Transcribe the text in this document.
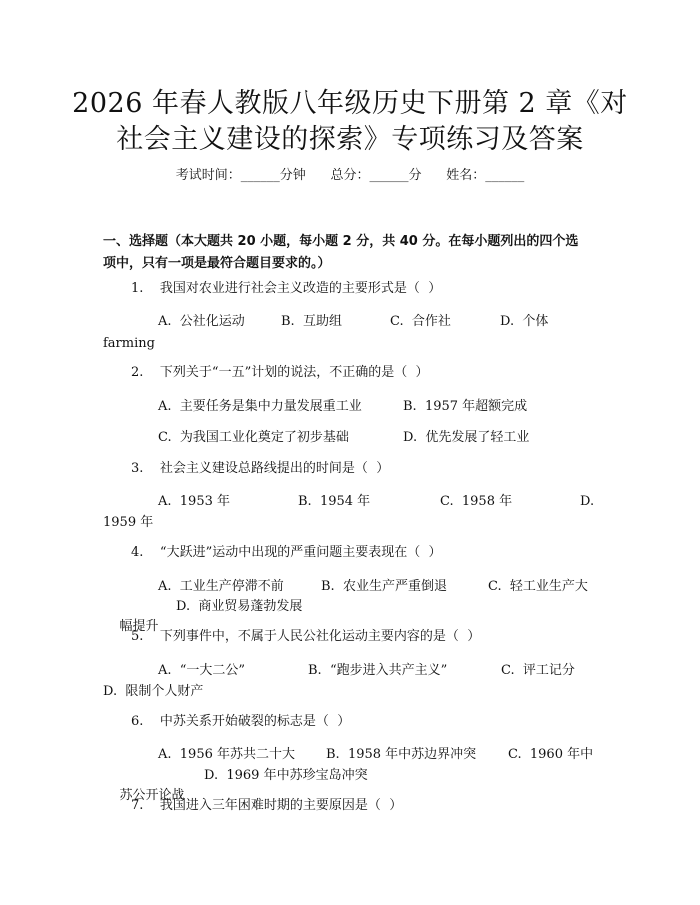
2026 年春人教版八年级历史下册第 2 章《对
社会主义建设的探索》专项练习及答案
考试时间：______分钟      总分：______分      姓名：______
一、选择题（本大题共 20 小题，每小题 2 分，共 40 分。在每小题列出的四个选
项中，只有一项是最符合题目要求的。）
1.    我国对农业进行社会主义改造的主要形式是（  ）

A.  公社化运动

	B.  互助组

	C.  合作社

	D.  个体

farming
2.    下列关于“一五”计划的说法，不正确的是（  ）

A.  主要任务是集中力量发展重工业

	B.  1957 年超额完成

C.  为我国工业化奠定了初步基础

	D.  优先发展了轻工业

3.    社会主义建设总路线提出的时间是（  ）

A.  1953 年

	B.  1954 年

	C.  1958 年

	D.

1959 年
4.    “大跃进”运动中出现的严重问题主要表现在（  ）

A.  工业生产停滞不前

	B.  农业生产严重倒退

	C.  轻工业生产大

幅提升

D.  商业贸易蓬勃发展

5.    下列事件中，不属于人民公社化运动主要内容的是（  ）

A.  “一大二公”

	B.  “跑步进入共产主义”

	C.  评工记分

D.  限制个人财产
6.    中苏关系开始破裂的标志是（  ）

A.  1956 年苏共二十大

B.  1958 年中苏边界冲突

C.  1960 年中

苏公开论战

D.  1969 年中苏珍宝岛冲突

7.    我国进入三年困难时期的主要原因是（  ）
